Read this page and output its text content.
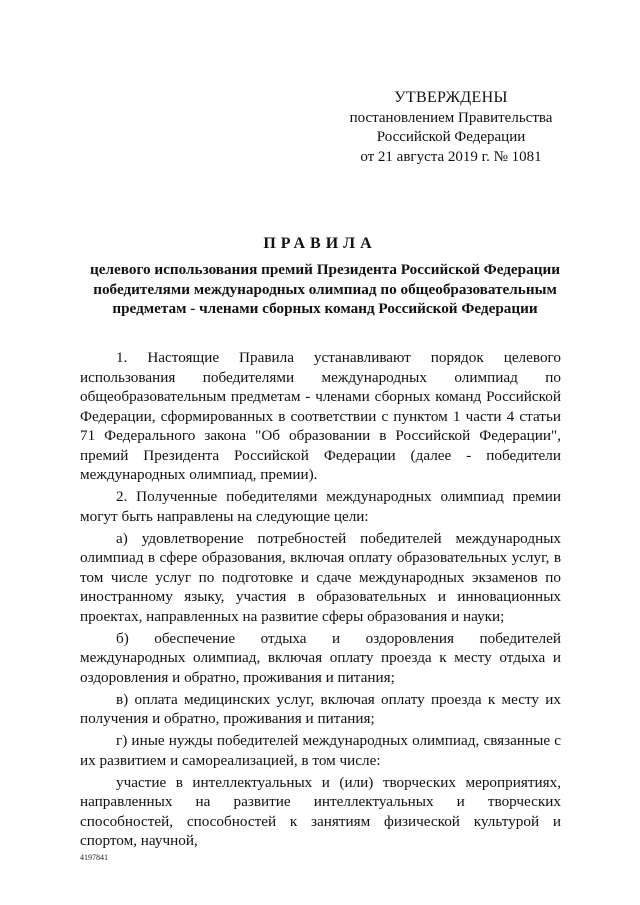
УТВЕРЖДЕНЫ
постановлением Правительства
Российской Федерации
от 21 августа 2019 г. № 1081
ПРАВИЛА
целевого использования премий Президента Российской Федерации победителями международных олимпиад по общеобразовательным предметам - членами сборных команд Российской Федерации

1. Настоящие Правила устанавливают порядок целевого использования победителями международных олимпиад по общеобразовательным предметам - членами сборных команд Российской Федерации, сформированных в соответствии с пунктом 1 части 4 статьи 71 Федерального закона "Об образовании в Российской Федерации", премий Президента Российской Федерации (далее - победители международных олимпиад, премии).

2. Полученные победителями международных олимпиад премии могут быть направлены на следующие цели:

а) удовлетворение потребностей победителей международных олимпиад в сфере образования, включая оплату образовательных услуг, в том числе услуг по подготовке и сдаче международных экзаменов по иностранному языку, участия в образовательных и инновационных проектах, направленных на развитие сферы образования и науки;

б) обеспечение отдыха и оздоровления победителей международных олимпиад, включая оплату проезда к месту отдыха и оздоровления и обратно, проживания и питания;

в) оплата медицинских услуг, включая оплату проезда к месту их получения и обратно, проживания и питания;

г) иные нужды победителей международных олимпиад, связанные с их развитием и самореализацией, в том числе:

участие в интеллектуальных и (или) творческих мероприятиях, направленных на развитие интеллектуальных и творческих способностей, способностей к занятиям физической культурой и спортом, научной,

4197841
